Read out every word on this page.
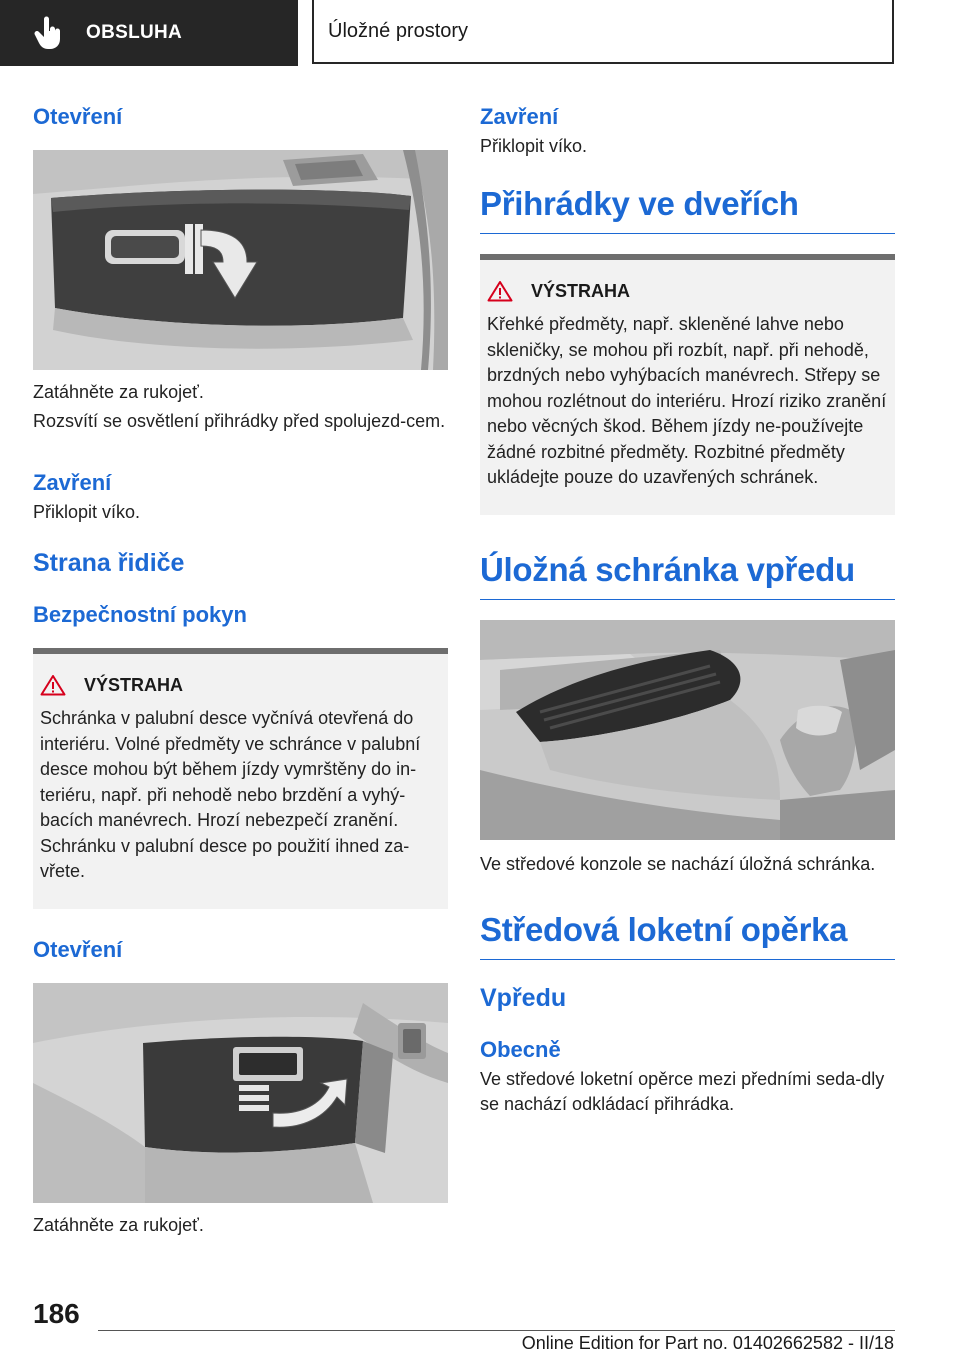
OBSLUHA	Úložné prostory
Otevření

Zatáhněte za rukojeť.

Rozsvítí se osvětlení přihrádky před spolujezd-cem.

Zavření

Přiklopit víko.

Strana řidiče
Bezpečnostní pokyn
VÝSTRAHA

Schránka v palubní desce vyčnívá otevřená do interiéru. Volné předměty ve schránce v palubní desce mohou být během jízdy vymrštěny do in-teriéru, např. při nehodě nebo brzdění a vyhý-bacích manévrech. Hrozí nebezpečí zranění. Schránku v palubní desce po použití ihned za-vřete.

Otevření

Zatáhněte za rukojeť.

Zavření

Přiklopit víko.

Přihrádky ve dveřích
VÝSTRAHA

Křehké předměty, např. skleněné lahve nebo skleničky, se mohou při rozbít, např. při nehodě, brzdných nebo vyhýbacích manévrech. Střepy se mohou rozlétnout do interiéru. Hrozí riziko zranění nebo věcných škod. Během jízdy ne-používejte žádné rozbitné předměty. Rozbitné předměty ukládejte pouze do uzavřených schránek.

Úložná schránka vpředu

Ve středové konzole se nachází úložná schránka.

Středová loketní opěrka
Vpředu
Obecně

Ve středové loketní opěrce mezi předními seda-dly se nachází odkládací přihrádka.

186
Online Edition for Part no. 01402662582 - II/18
